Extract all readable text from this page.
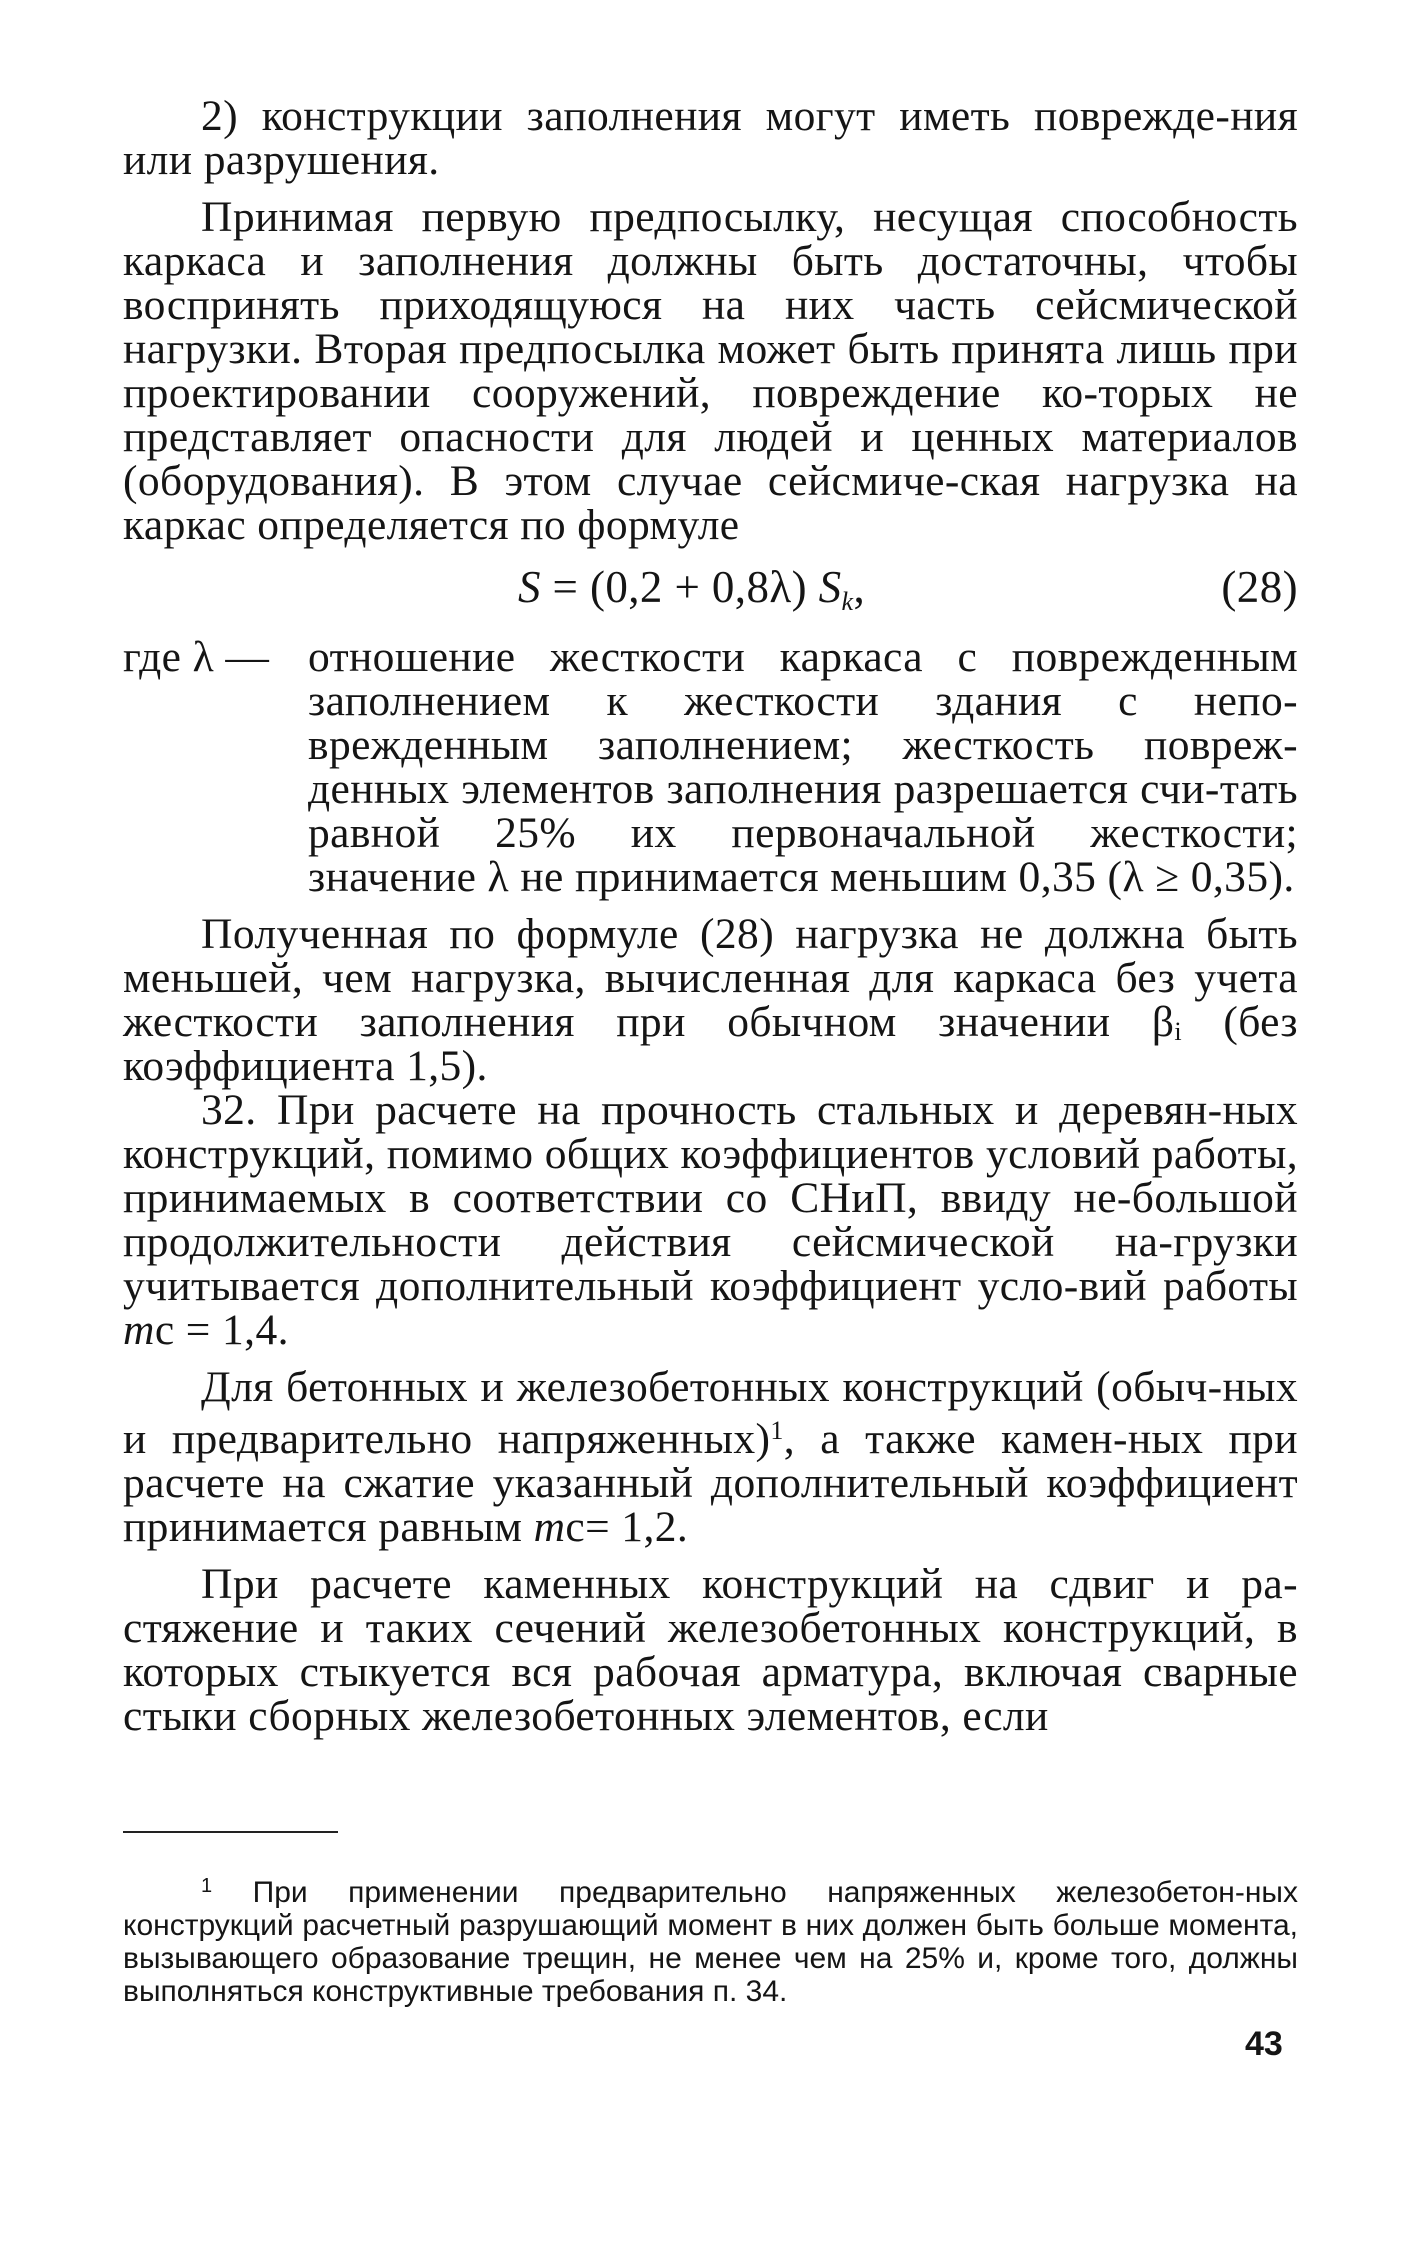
2) конструкции заполнения могут иметь поврежде-ния или разрушения.

Принимая первую предпосылку, несущая способность каркаса и заполнения должны быть достаточны, чтобы воспринять приходящуюся на них часть сейсмической нагрузки. Вторая предпосылка может быть принята лишь при проектировании сооружений, повреждение ко-торых не представляет опасности для людей и ценных материалов (оборудования). В этом случае сейсмиче-ская нагрузка на каркас определяется по формуле

S = (0,2 + 0,8λ) $S_k$,	(28)
где λ — отношение жесткости каркаса с поврежденным заполнением к жесткости здания с непо-врежденным заполнением; жесткость повреж-денных элементов заполнения разрешается счи-тать равной 25% их первоначальной жесткости; значение λ не принимается меньшим 0,35 (λ ≥ 0,35).

Полученная по формуле (28) нагрузка не должна быть меньшей, чем нагрузка, вычисленная для каркаса без учета жесткости заполнения при обычном значении βᵢ (без коэффициента 1,5).

32. При расчете на прочность стальных и деревян-ных конструкций, помимо общих коэффициентов условий работы, принимаемых в соответствии со СНиП, ввиду не-большой продолжительности действия сейсмической на-грузки учитывается дополнительный коэффициент усло-вий работы mс = 1,4.

Для бетонных и железобетонных конструкций (обыч-ных и предварительно напряженных)$^1$, а также камен-ных при расчете на сжатие указанный дополнительный коэффициент принимается равным mс= 1,2.

При расчете каменных конструкций на сдвиг и ра-стяжение и таких сечений железобетонных конструкций, в которых стыкуется вся рабочая арматура, включая сварные стыки сборных железобетонных элементов, если

$^1$ При применении предварительно напряженных железобетон-ных конструкций расчетный разрушающий момент в них должен быть больше момента, вызывающего образование трещин, не менее чем на 25% и, кроме того, должны выполняться конструктивные требования п. 34.

43
